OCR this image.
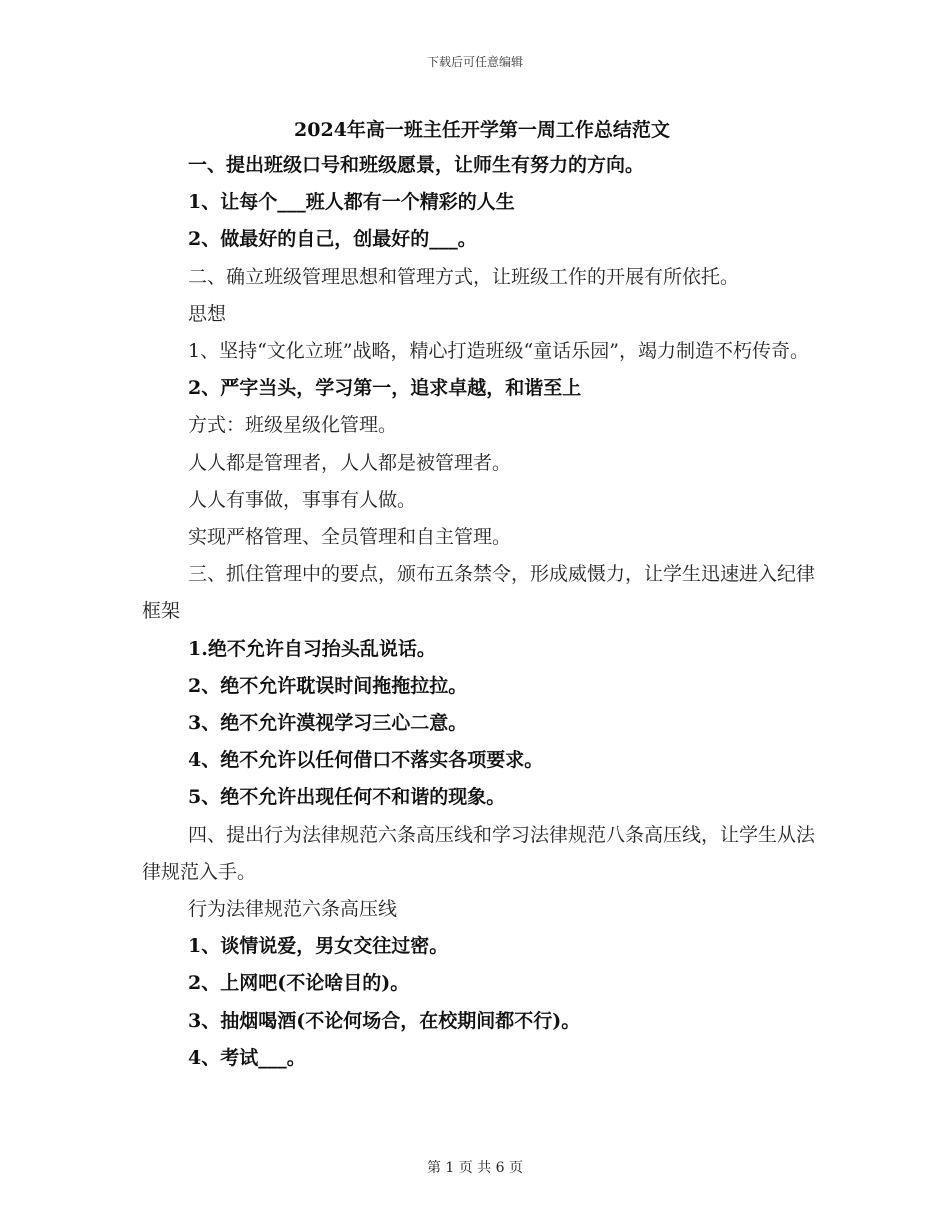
下载后可任意编辑
2024年高一班主任开学第一周工作总结范文

一、提出班级口号和班级愿景，让师生有努力的方向。

1、让每个___班人都有一个精彩的人生

2、做最好的自己，创最好的___。

二、确立班级管理思想和管理方式，让班级工作的开展有所依托。

思想

1、坚持“文化立班”战略，精心打造班级“童话乐园”，竭力制造不朽传奇。

2、严字当头，学习第一，追求卓越，和谐至上

方式：班级星级化管理。

人人都是管理者，人人都是被管理者。

人人有事做，事事有人做。

实现严格管理、全员管理和自主管理。

三、抓住管理中的要点，颁布五条禁令，形成威慑力，让学生迅速进入纪律框架

1.绝不允许自习抬头乱说话。

2、绝不允许耽误时间拖拖拉拉。

3、绝不允许漠视学习三心二意。

4、绝不允许以任何借口不落实各项要求。

5、绝不允许出现任何不和谐的现象。

四、提出行为法律规范六条高压线和学习法律规范八条高压线，让学生从法律规范入手。

行为法律规范六条高压线

1、谈情说爱，男女交往过密。

2、上网吧(不论啥目的)。

3、抽烟喝酒(不论何场合，在校期间都不行)。

4、考试___。

第 1 页 共 6 页
